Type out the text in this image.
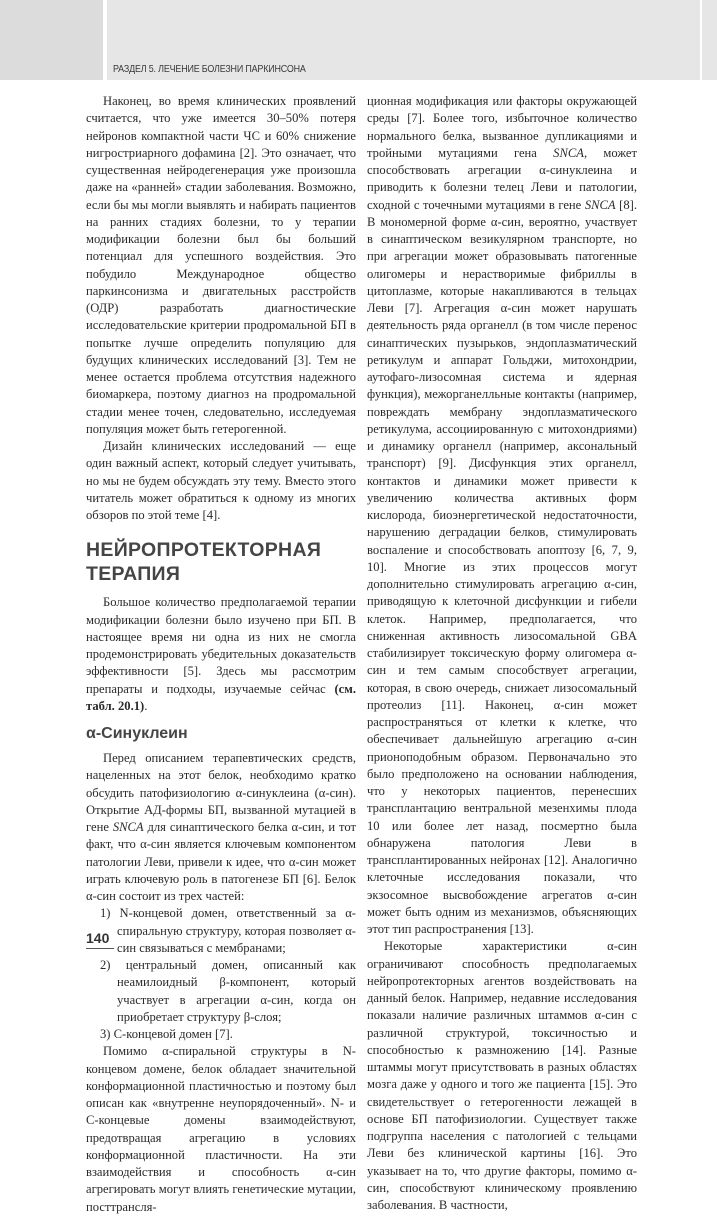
РАЗДЕЛ 5. ЛЕЧЕНИЕ БОЛЕЗНИ ПАРКИНСОНА

Наконец, во время клинических проявлений считается, что уже имеется 30–50% потеря нейронов компактной части ЧС и 60% снижение нигростриарного дофамина [2]. Это означает, что существенная нейродегенерация уже произошла даже на «ранней» стадии заболевания. Возможно, если бы мы могли выявлять и набирать пациентов на ранних стадиях болезни, то у терапии модификации болезни был бы больший потенциал для успешного воздействия. Это побудило Международное общество паркинсонизма и двигательных расстройств (ОДР) разработать диагностические исследовательские критерии продромальной БП в попытке лучше определить популяцию для будущих клинических исследований [3]. Тем не менее остается проблема отсутствия надежного биомаркера, поэтому диагноз на продромальной стадии менее точен, следовательно, исследуемая популяция может быть гетерогенной.

Дизайн клинических исследований — еще один важный аспект, который следует учитывать, но мы не будем обсуждать эту тему. Вместо этого читатель может обратиться к одному из многих обзоров по этой теме [4].

НЕЙРОПРОТЕКТОРНАЯ ТЕРАПИЯ

Большое количество предполагаемой терапии модификации болезни было изучено при БП. В настоящее время ни одна из них не смогла продемонстрировать убедительных доказательств эффективности [5]. Здесь мы рассмотрим препараты и подходы, изучаемые сейчас (см. табл. 20.1).

α-Синуклеин

Перед описанием терапевтических средств, нацеленных на этот белок, необходимо кратко обсудить патофизиологию α-синуклеина (α-син). Открытие АД-формы БП, вызванной мутацией в гене SNCA для синаптического белка α-син, и тот факт, что α-син является ключевым компонентом патологии Леви, привели к идее, что α-син может играть ключевую роль в патогенезе БП [6]. Белок α-син состоит из трех частей:

1) N-концевой домен, ответственный за α-спиральную структуру, которая позволяет α-син связываться с мембранами;
2) центральный домен, описанный как неамилоидный β-компонент, который участвует в агрегации α-син, когда он приобретает структуру β-слоя;
3) С-концевой домен [7].

Помимо α-спиральной структуры в N-концевом домене, белок обладает значительной конформационной пластичностью и поэтому был описан как «внутренне неупорядоченный». N- и С-концевые домены взаимодействуют, предотвращая агрегацию в условиях конформационной пластичности. На эти взаимодействия и способность α-син агрегировать могут влиять генетические мутации, посттрансля-

ционная модификация или факторы окружающей среды [7]. Более того, избыточное количество нормального белка, вызванное дупликациями и тройными мутациями гена SNCA, может способствовать агрегации α-синуклеина и приводить к болезни телец Леви и патологии, сходной с точечными мутациями в гене SNCA [8]. В мономерной форме α-син, вероятно, участвует в синаптическом везикулярном транспорте, но при агрегации может образовывать патогенные олигомеры и нерастворимые фибриллы в цитоплазме, которые накапливаются в тельцах Леви [7]. Агрегация α-син может нарушать деятельность ряда органелл (в том числе перенос синаптических пузырьков, эндоплазматический ретикулум и аппарат Гольджи, митохондрии, аутофаго-лизосомная система и ядерная функция), межорганелльные контакты (например, повреждать мембрану эндоплазматического ретикулума, ассоциированную с митохондриями) и динамику органелл (например, аксональный транспорт) [9]. Дисфункция этих органелл, контактов и динамики может привести к увеличению количества активных форм кислорода, биоэнергетической недостаточности, нарушению деградации белков, стимулировать воспаление и способствовать апоптозу [6, 7, 9, 10]. Многие из этих процессов могут дополнительно стимулировать агрегацию α-син, приводящую к клеточной дисфункции и гибели клеток. Например, предполагается, что сниженная активность лизосомальной GBA стабилизирует токсическую форму олигомера α-син и тем самым способствует агрегации, которая, в свою очередь, снижает лизосомальный протеолиз [11]. Наконец, α-син может распространяться от клетки к клетке, что обеспечивает дальнейшую агрегацию α-син прионоподобным образом. Первоначально это было предположено на основании наблюдения, что у некоторых пациентов, перенесших трансплантацию вентральной мезенхимы плода 10 или более лет назад, посмертно была обнаружена патология Леви в трансплантированных нейронах [12]. Аналогично клеточные исследования показали, что экзосомное высвобождение агрегатов α-син может быть одним из механизмов, объясняющих этот тип распространения [13].

Некоторые характеристики α-син ограничивают способность предполагаемых нейропротекторных агентов воздействовать на данный белок. Например, недавние исследования показали наличие различных штаммов α-син с различной структурой, токсичностью и способностью к размножению [14]. Разные штаммы могут присутствовать в разных областях мозга даже у одного и того же пациента [15]. Это свидетельствует о гетерогенности лежащей в основе БП патофизиологии. Существует также подгруппа населения с патологией с тельцами Леви без клинической картины [16]. Это указывает на то, что другие факторы, помимо α-син, способствуют клиническому проявлению заболевания. В частности,

140
